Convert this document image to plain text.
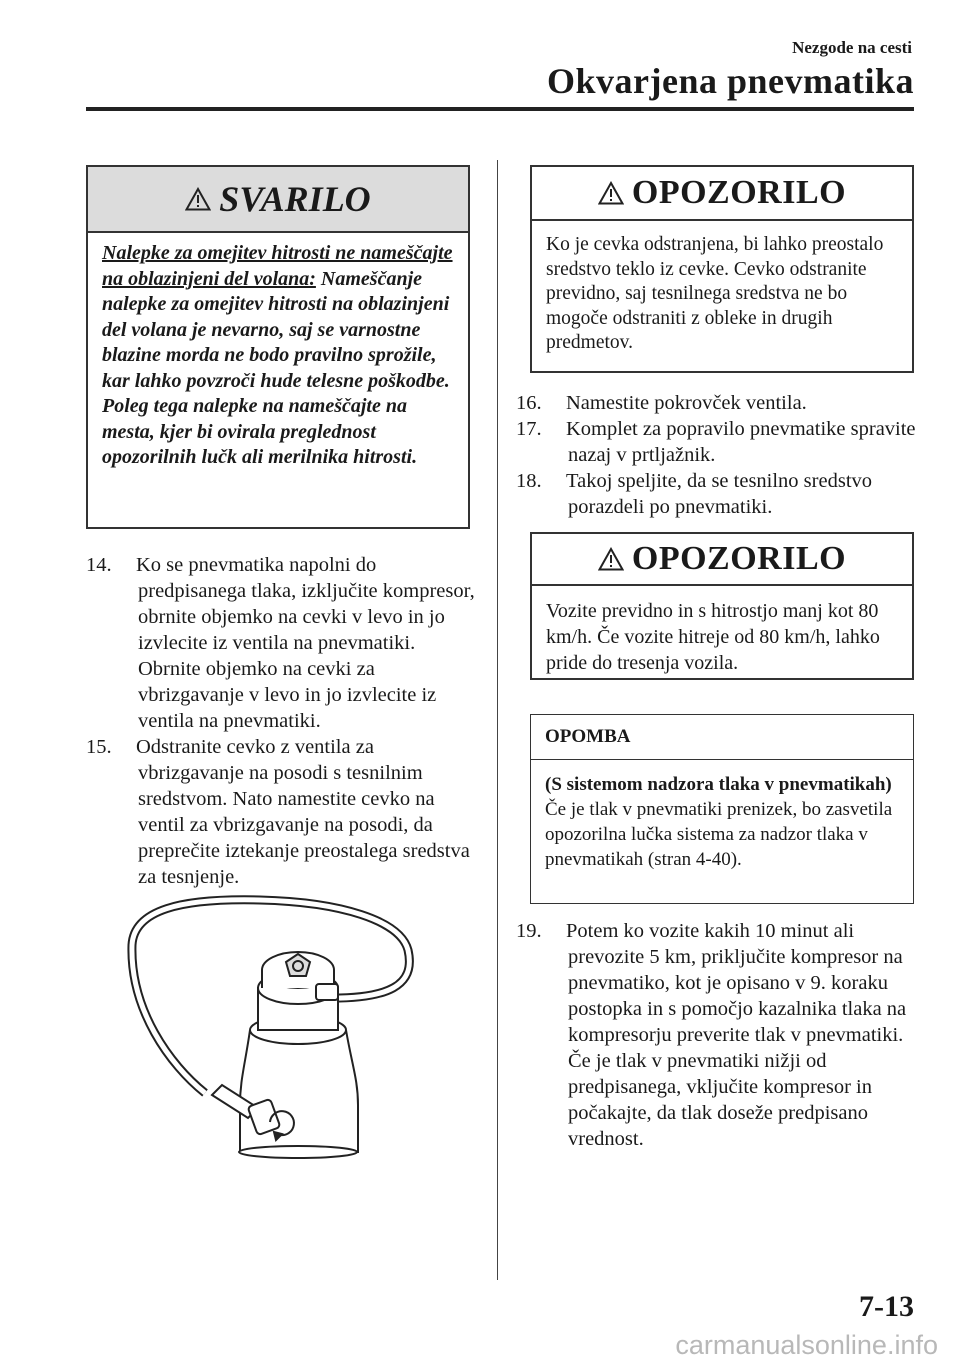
Nezgode na cesti
Okvarjena pnevmatika
SVARILO
Nalepke za omejitev hitrosti ne nameščajte na oblazinjeni del volana: Nameščanje nalepke za omejitev hitrosti na oblazinjeni del volana je nevarno, saj se varnostne blazine morda ne bodo pravilno sprožile, kar lahko povzroči hude telesne poškodbe. Poleg tega nalepke na nameščajte na mesta, kjer bi ovirala preglednost opozorilnih lučk ali merilnika hitrosti.
14.	Ko se pnevmatika napolni do predpisanega tlaka, izključite kompresor, obrnite objemko na cevki v levo in jo izvlecite iz ventila na pnevmatiki. Obrnite objemko na cevki za vbrizgavanje v levo in jo izvlecite iz ventila na pnevmatiki.
15.	Odstranite cevko z ventila za vbrizgavanje na posodi s tesnilnim sredstvom. Nato namestite cevko na ventil za vbrizgavanje na posodi, da preprečite iztekanje preostalega sredstva za tesnjenje.
OPOZORILO
Ko je cevka odstranjena, bi lahko preostalo sredstvo teklo iz cevke. Cevko odstranite previdno, saj tesnilnega sredstva ne bo mogoče odstraniti z obleke in drugih predmetov.
16.	Namestite pokrovček ventila.
17.	Komplet za popravilo pnevmatike spravite nazaj v prtljažnik.
18.	Takoj speljite, da se tesnilno sredstvo porazdeli po pnevmatiki.
OPOZORILO
Vozite previdno in s hitrostjo manj kot 80 km/h. Če vozite hitreje od 80 km/h, lahko pride do tresenja vozila.
OPOMBA
(S sistemom nadzora tlaka v pnevmatikah)
Če je tlak v pnevmatiki prenizek, bo zasvetila opozorilna lučka sistema za nadzor tlaka v pnevmatikah (stran 4-40).
19.	Potem ko vozite kakih 10 minut ali prevozite 5 km, priključite kompresor na pnevmatiko, kot je opisano v 9. koraku postopka in s pomočjo kazalnika tlaka na kompresorju preverite tlak v pnevmatiki. Če je tlak v pnevmatiki nižji od predpisanega, vključite kompresor in počakajte, da tlak doseže predpisano vrednost.
7-13
carmanualsonline.info
